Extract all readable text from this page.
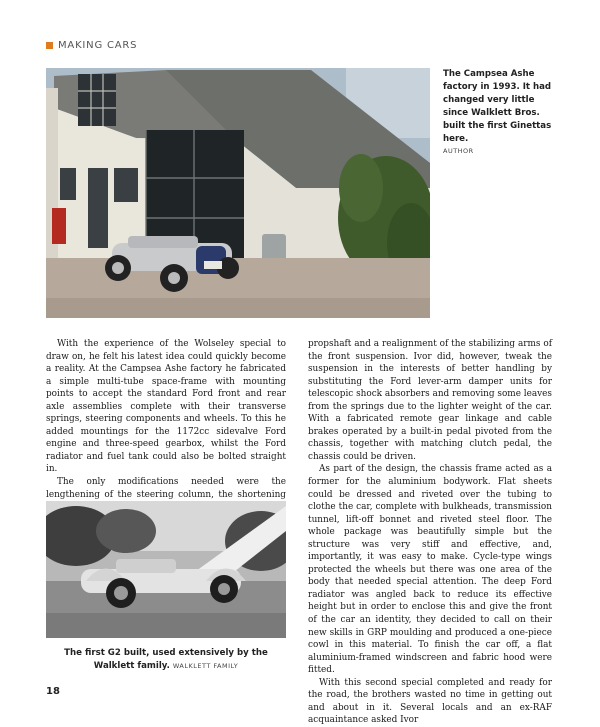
MAKING CARS
The Campsea Ashe factory in 1993. It had changed very little since Walklett Bros. built the first Ginettas here.
AUTHOR

With the experience of the Wolseley special to draw on, he felt his latest idea could quickly become a reality. At the Campsea Ashe factory he fabricated a simple multi-tube space-frame with mounting points to accept the standard Ford front and rear axle assemblies complete with their transverse springs, steering components and wheels. To this he added mountings for the 1172cc sidevalve Ford engine and three-speed gearbox, whilst the Ford radiator and fuel tank could also be bolted straight in.

The only modifications needed were the lengthening of the steering column, the shortening

propshaft and a realignment of the stabilizing arms of the front suspension. Ivor did, however, tweak the suspension in the interests of better handling by substituting the Ford lever-arm damper units for telescopic shock absorbers and removing some leaves from the springs due to the lighter weight of the car. With a fabricated remote gear linkage and cable brakes operated by a built-in pedal pivoted from the chassis, together with matching clutch pedal, the chassis could be driven.

As part of the design, the chassis frame acted as a former for the aluminium bodywork. Flat sheets could be dressed and riveted over the tubing to clothe the car, complete with bulkheads, transmission tunnel, lift-off bonnet and riveted steel floor. The whole package was beautifully simple but the structure was very stiff and effective, and, importantly, it was easy to make. Cycle-type wings protected the wheels but there was one area of the body that needed special attention. The deep Ford radiator was angled back to reduce its effective height but in order to enclose this and give the front of the car an identity, they decided to call on their new skills in GRP moulding and produced a one-piece cowl in this material. To finish the car off, a flat aluminium-framed windscreen and fabric hood were fitted.

With this second special completed and ready for the road, the brothers wasted no time in getting out and about in it. Several locals and an ex-RAF acquaintance asked Ivor

The first G2 built, used extensively by the Walklett family. WALKLETT FAMILY
18
